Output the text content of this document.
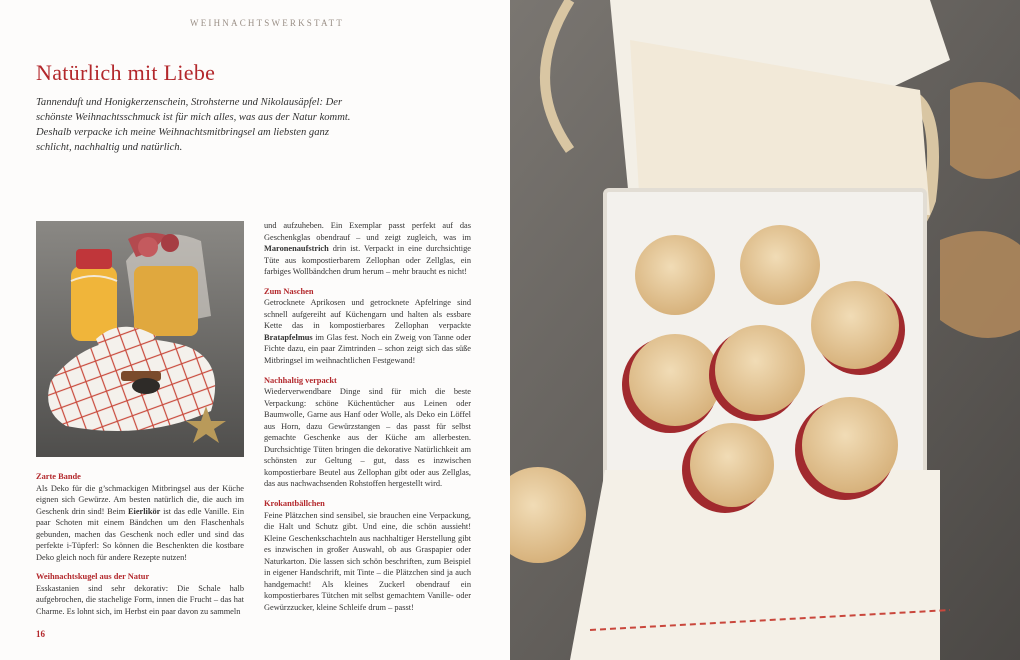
WEIHNACHTSWERKSTATT
Natürlich mit Liebe

Tannenduft und Honigkerzenschein, Strohsterne und Nikolausäpfel: Der schönste Weihnachtsschmuck ist für mich alles, was aus der Natur kommt. Deshalb verpacke ich meine Weihnachtsmitbringsel am liebsten ganz schlicht, nachhaltig und natürlich.

Zarte Bande

Als Deko für die g’schmackigen Mitbringsel aus der Küche eignen sich Gewürze. Am besten natürlich die, die auch im Geschenk drin sind! Beim Eierlikör ist das edle Vanille. Ein paar Schoten mit einem Bändchen um den Flaschenhals gebunden, machen das Geschenk noch edler und sind das perfekte i-Tüpferl: So können die Beschenkten die kostbare Deko gleich noch für andere Rezepte nutzen!

Weihnachtskugel aus der Natur

Esskastanien sind sehr dekorativ: Die Schale halb aufgebrochen, die stachelige Form, innen die Frucht – das hat Charme. Es lohnt sich, im Herbst ein paar davon zu sammeln

und aufzuheben. Ein Exemplar passt perfekt auf das Geschenkglas obendrauf – und zeigt zugleich, was im Maronenaufstrich drin ist. Verpackt in eine durchsichtige Tüte aus kompostierbarem Zellophan oder Zellglas, ein farbiges Wollbändchen drum herum – mehr braucht es nicht!

Zum Naschen

Getrocknete Aprikosen und getrocknete Apfelringe sind schnell aufgereiht auf Küchengarn und halten als essbare Kette das in kompostierbares Zellophan verpackte Bratapfelmus im Glas fest. Noch ein Zweig von Tanne oder Fichte dazu, ein paar Zimtrinden – schon zeigt sich das süße Mitbringsel im weihnachtlichen Festgewand!

Nachhaltig verpackt

Wiederverwendbare Dinge sind für mich die beste Verpackung: schöne Küchentücher aus Leinen oder Baumwolle, Garne aus Hanf oder Wolle, als Deko ein Löffel aus Horn, dazu Gewürzstangen – das passt für selbst gemachte Geschenke aus der Küche am allerbesten. Durchsichtige Tüten bringen die dekorative Natürlichkeit am schönsten zur Geltung – gut, dass es inzwischen kompostierbare Beutel aus Zellophan gibt oder aus Zellglas, das aus nachwachsenden Rohstoffen hergestellt wird.

Krokantbällchen

Feine Plätzchen sind sensibel, sie brauchen eine Verpackung, die Halt und Schutz gibt. Und eine, die schön aussieht! Kleine Geschenkschachteln aus nachhaltiger Herstellung gibt es inzwischen in großer Auswahl, ob aus Graspapier oder Naturkarton. Die lassen sich schön beschriften, zum Beispiel in eigener Handschrift, mit Tinte – die Plätzchen sind ja auch handgemacht! Als kleines Zuckerl obendrauf ein kompostierbares Tütchen mit selbst gemachtem Vanille- oder Gewürzzucker, kleine Schleife drum – passt!

16
